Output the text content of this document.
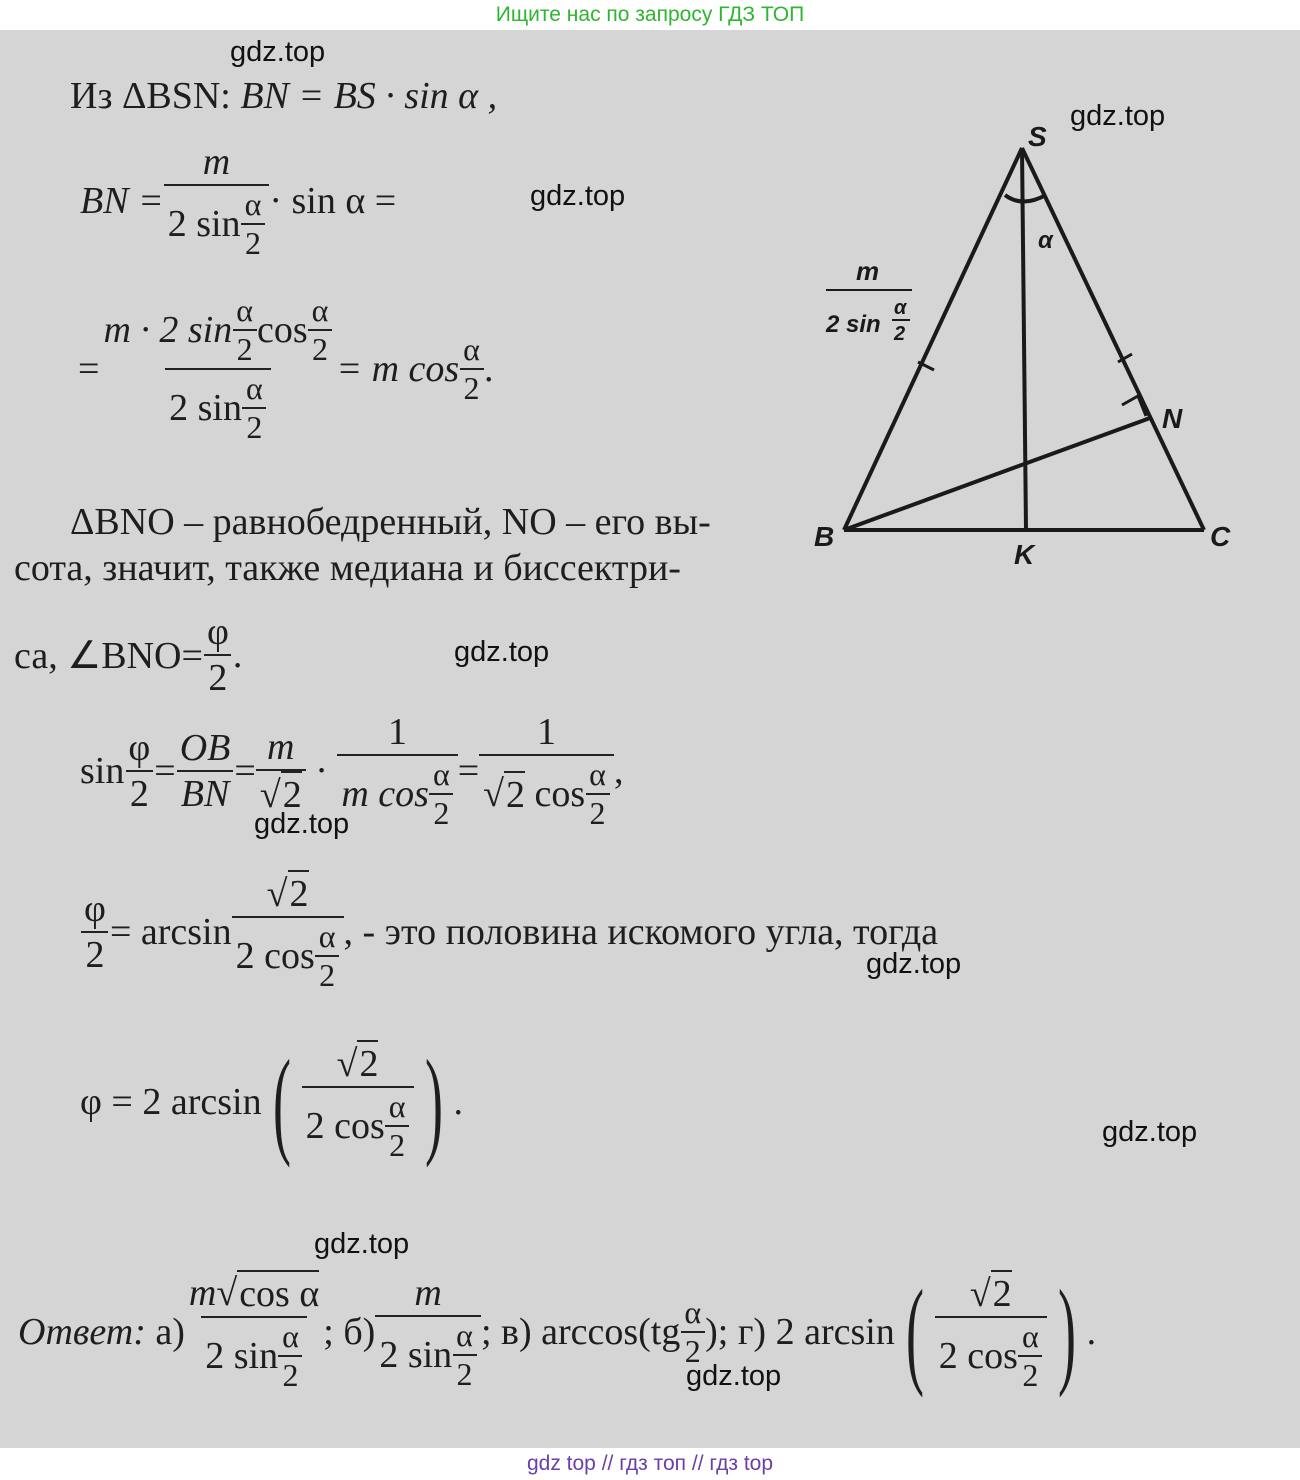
Ищите нас по запросу ГДЗ ТОП
Из ΔBSN: BN = BS · sin α ,
BN = $\frac{m}{2 \sin \frac{\alpha}{2}} \cdot \sin \alpha$ =
= $\frac{m \cdot 2 \sin \frac{\alpha}{2} \cos \frac{\alpha}{2}}{2 \sin \frac{\alpha}{2}} = m$ $\cos \frac{\alpha}{2}$ .
ΔBNO – равнобедренный, NO – его вы-
сота, значит, также медиана и биссектри-
са, ∠BNO= $\frac{\varphi}{2}$ .
$\sin \frac{\varphi}{2} = \frac{OB}{BN} = \frac{m}{√2} \cdot \frac{1}{m \cos \frac{\alpha}{2}} = 1$
√ 2
$\cos \frac{\alpha}{2}$ ,
$\frac{\varphi}{2} = \arcsin \frac{√2}{2 \cos \frac{\alpha}{2}}$ , - это половина искомого угла, тогда
φ = 2 arcsin ( $\frac{√2}{2 \cos \frac{\alpha}{2}}$ ) .
Ответ:
$а) \frac{\text{m √ cos α}}{2 \sin \frac{\alpha}{2}}$ ; $б) \frac{m}{2 \sin \frac{\alpha}{2}}$ ; в)
$\arccos(tg \frac{\alpha}{2}$ ); г)
2 arcsin ( $\frac{√2}{2 \cos \frac{\alpha}{2}}$ ) .
S
B	C
K
N
α
m
2 sin
α
2
gdz.top
gdz.top
gdz.top
gdz.top
gdz.top
gdz.top
gdz.top
gdz.top
gdz.top
gdz top // гдз топ // гдз top
